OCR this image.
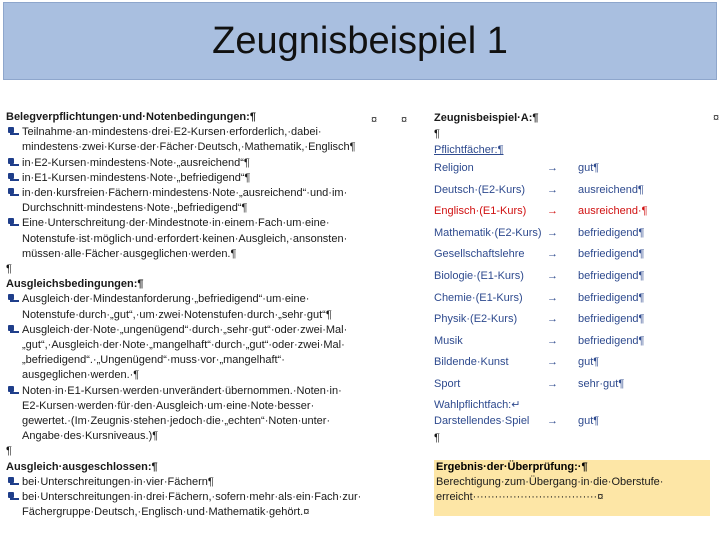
Zeugnisbeispiel 1
Belegverpflichtungen·und·Notenbedingungen:¶
Teilnahme·an·mindestens·drei·E2-Kursen·erforderlich,·dabei·
mindestens·zwei·Kurse·der·Fächer·Deutsch,·Mathematik,·Englisch¶
in·E2-Kursen·mindestens·Note·„ausreichend“¶
in·E1-Kursen·mindestens·Note·„befriedigend“¶
in·den·kursfreien·Fächern·mindestens·Note·„ausreichend“·und·im·
Durchschnitt·mindestens·Note·„befriedigend“¶
Eine·Unterschreitung·der·Mindestnote·in·einem·Fach·um·eine·
Notenstufe·ist·möglich·und·erfordert·keinen·Ausgleich,·ansonsten·
müssen·alle·Fächer·ausgeglichen·werden.¶
¶
Ausgleichsbedingungen:¶
Ausgleich·der·Mindestanforderung·„befriedigend“·um·eine·
Notenstufe·durch·„gut“,·um·zwei·Notenstufen·durch·„sehr·gut“¶
Ausgleich·der·Note·„ungenügend“·durch·„sehr·gut“·oder·zwei·Mal·
„gut“,·Ausgleich·der·Note·„mangelhaft“·durch·„gut“·oder·zwei·Mal·
„befriedigend“.·„Ungenügend“·muss·vor·„mangelhaft“·
ausgeglichen·werden.·¶
Noten·in·E1-Kursen·werden·unverändert·übernommen.·Noten·in·
E2-Kursen·werden·für·den·Ausgleich·um·eine·Note·besser·
gewertet.·(Im·Zeugnis·stehen·jedoch·die·„echten“·Noten·unter·
Angabe·des·Kursniveaus.)¶
¶
Ausgleich·ausgeschlossen:¶
bei·Unterschreitungen·in·vier·Fächern¶
bei·Unterschreitungen·in·drei·Fächern,·sofern·mehr·als·ein·Fach·zur·
Fächergruppe·Deutsch,·Englisch·und·Mathematik·gehört.¤
¤ ¤	¤
Zeugnisbeispiel·A:¶
¶
Pflichtfächer:¶
Religion	→ gut¶
Deutsch·(E2-Kurs) → ausreichend¶
Englisch·(E1-Kurs) → ausreichend·¶
Mathematik·(E2-Kurs) → befriedigend¶
Gesellschaftslehre → befriedigend¶
Biologie·(E1-Kurs) → befriedigend¶
Chemie·(E1-Kurs) → befriedigend¶
Physik·(E2-Kurs)	→ befriedigend¶
Musik	→ befriedigend¶
Bildende·Kunst	→ gut¶
Sport	→ sehr·gut¶
Wahlpflichtfach:↵
Darstellendes·Spiel → gut¶
¶
Ergebnis·der·Überprüfung:·¶
Berechtigung·zum·Übergang·in·die·Oberstufe·
erreicht··································¤
